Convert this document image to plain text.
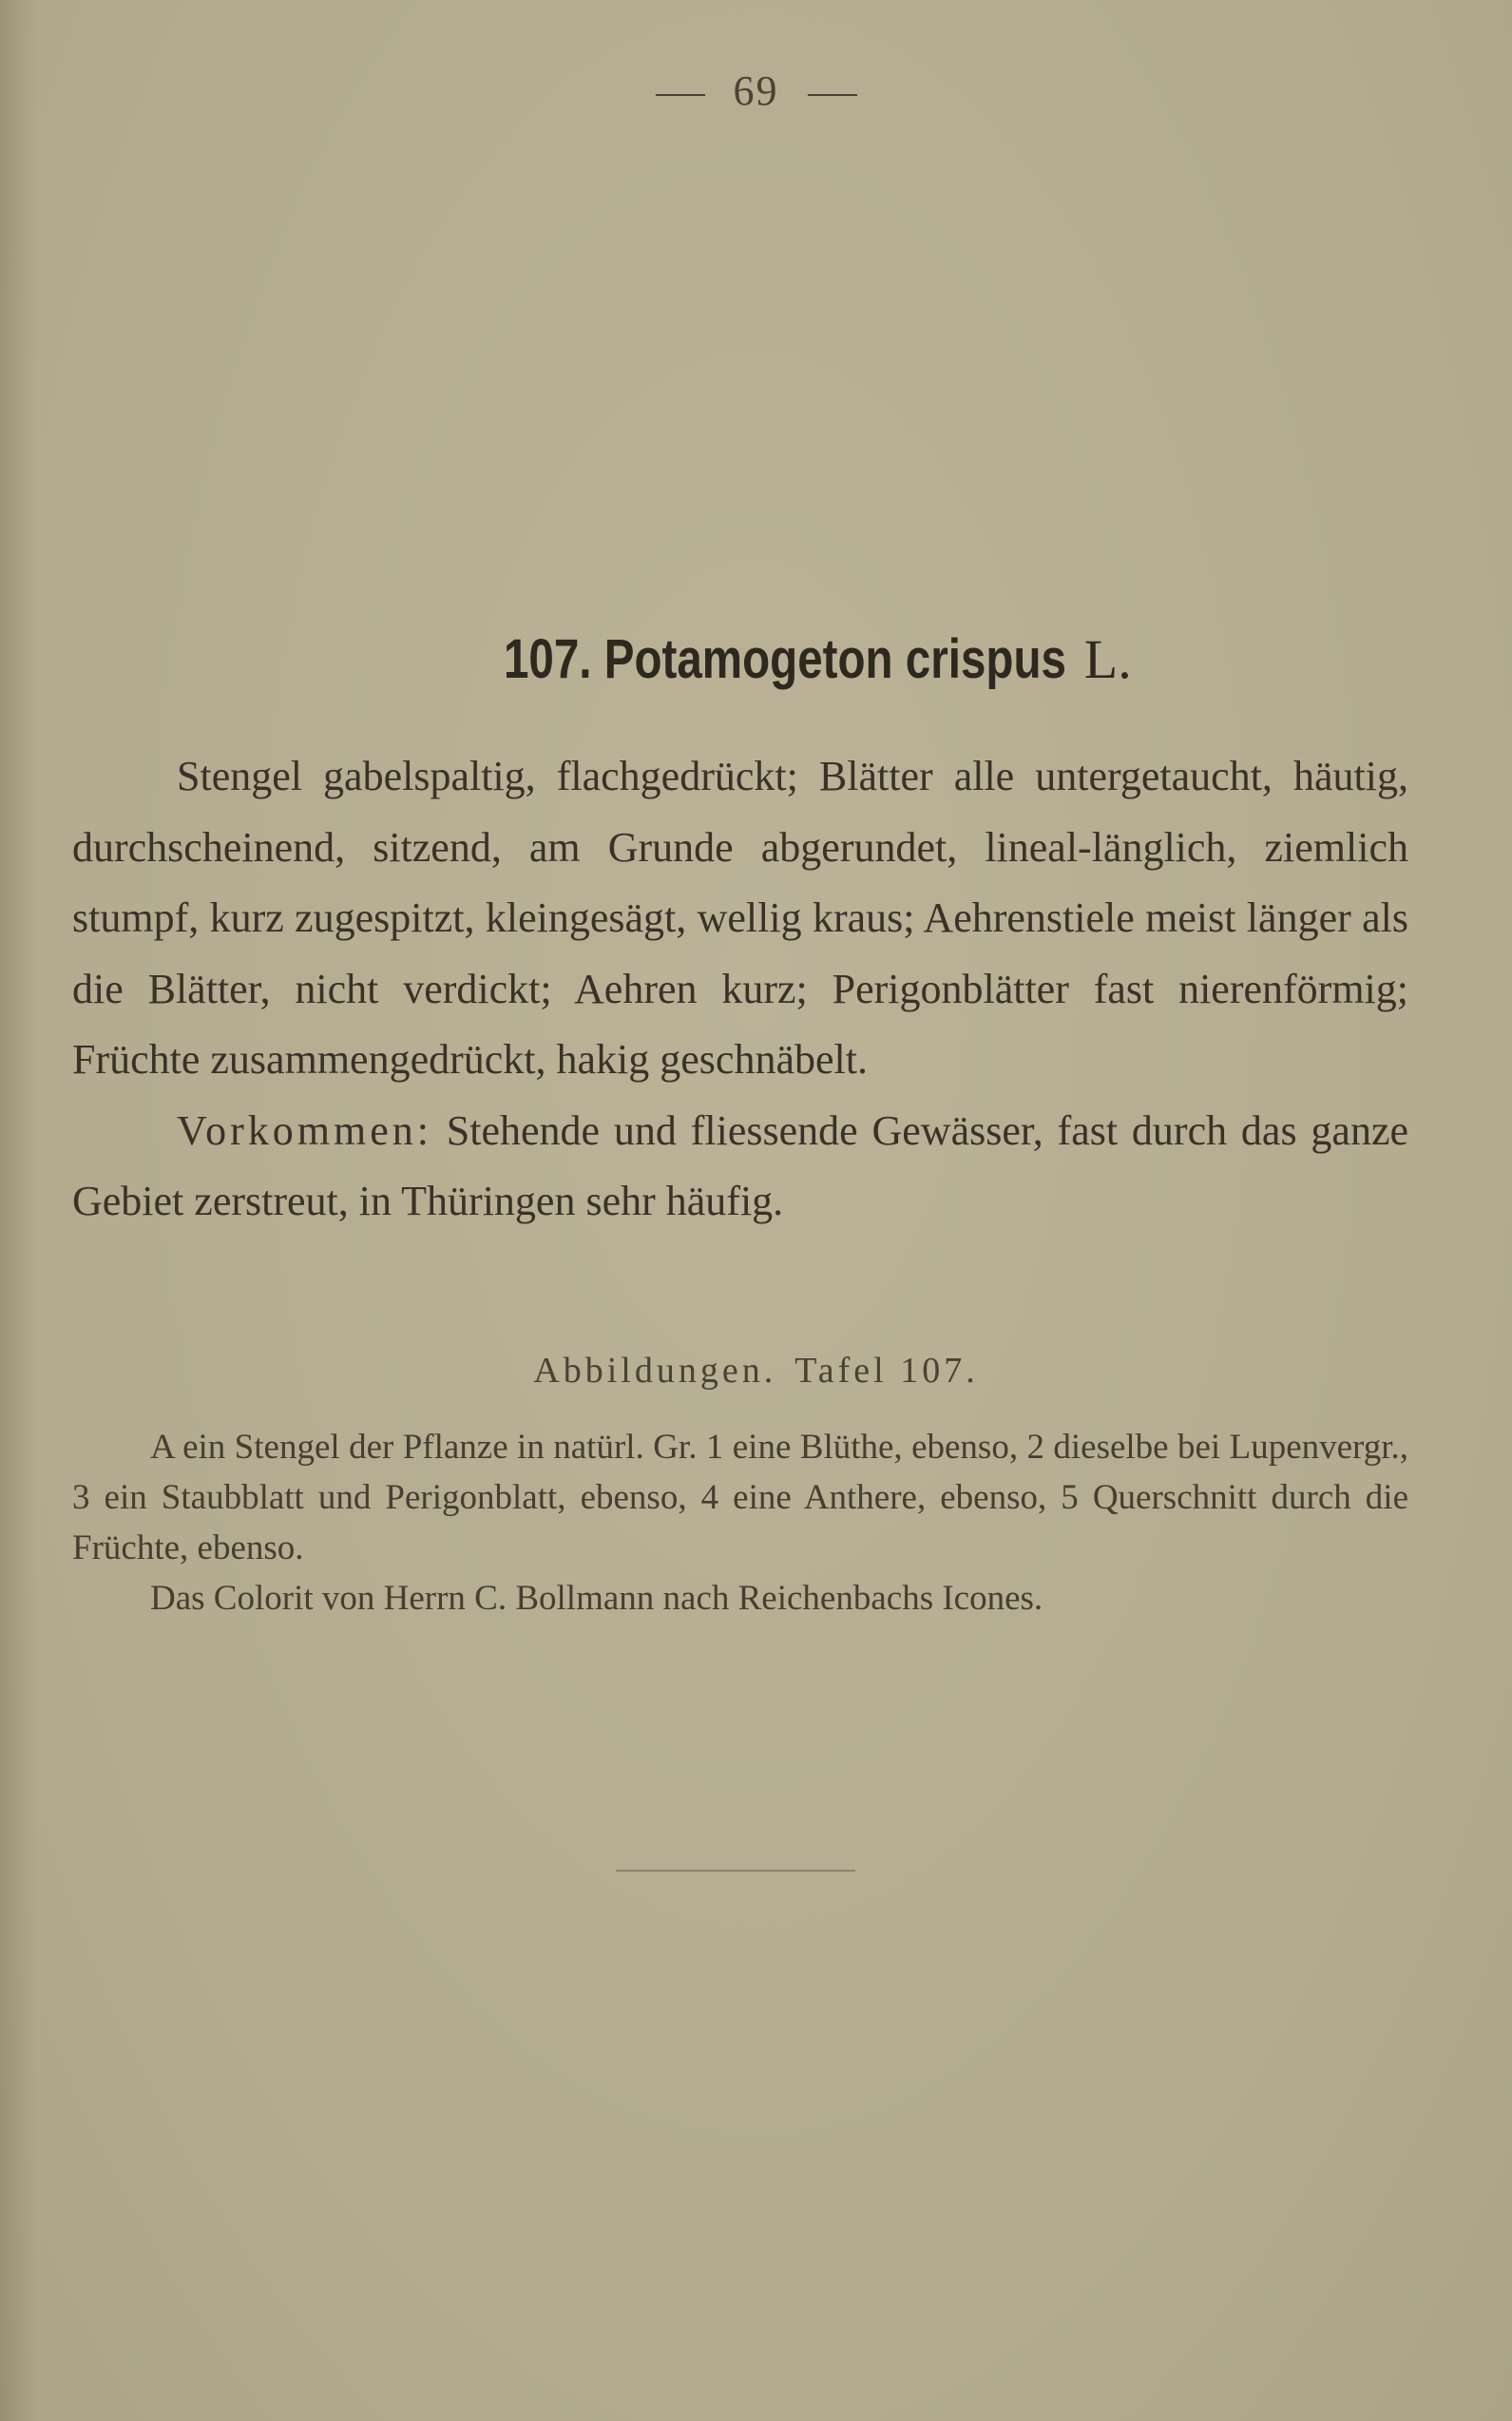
69
107. Potamogeton crispus L.

Stengel gabelspaltig, flachgedrückt; Blätter alle untergetaucht, häutig, durchscheinend, sitzend, am Grunde abgerundet, lineal-länglich, ziemlich stumpf, kurz zugespitzt, kleingesägt, wellig kraus; Aehrenstiele meist länger als die Blätter, nicht verdickt; Aehren kurz; Perigonblätter fast nierenförmig; Früchte zusammengedrückt, hakig geschnäbelt.

Vorkommen: Stehende und fliessende Gewässer, fast durch das ganze Gebiet zerstreut, in Thüringen sehr häufig.

Abbildungen. Tafel 107.

A ein Stengel der Pflanze in natürl. Gr. 1 eine Blüthe, ebenso, 2 dieselbe bei Lupenvergr., 3 ein Staubblatt und Perigonblatt, ebenso, 4 eine Anthere, ebenso, 5 Querschnitt durch die Früchte, ebenso.

Das Colorit von Herrn C. Bollmann nach Reichenbachs Icones.
